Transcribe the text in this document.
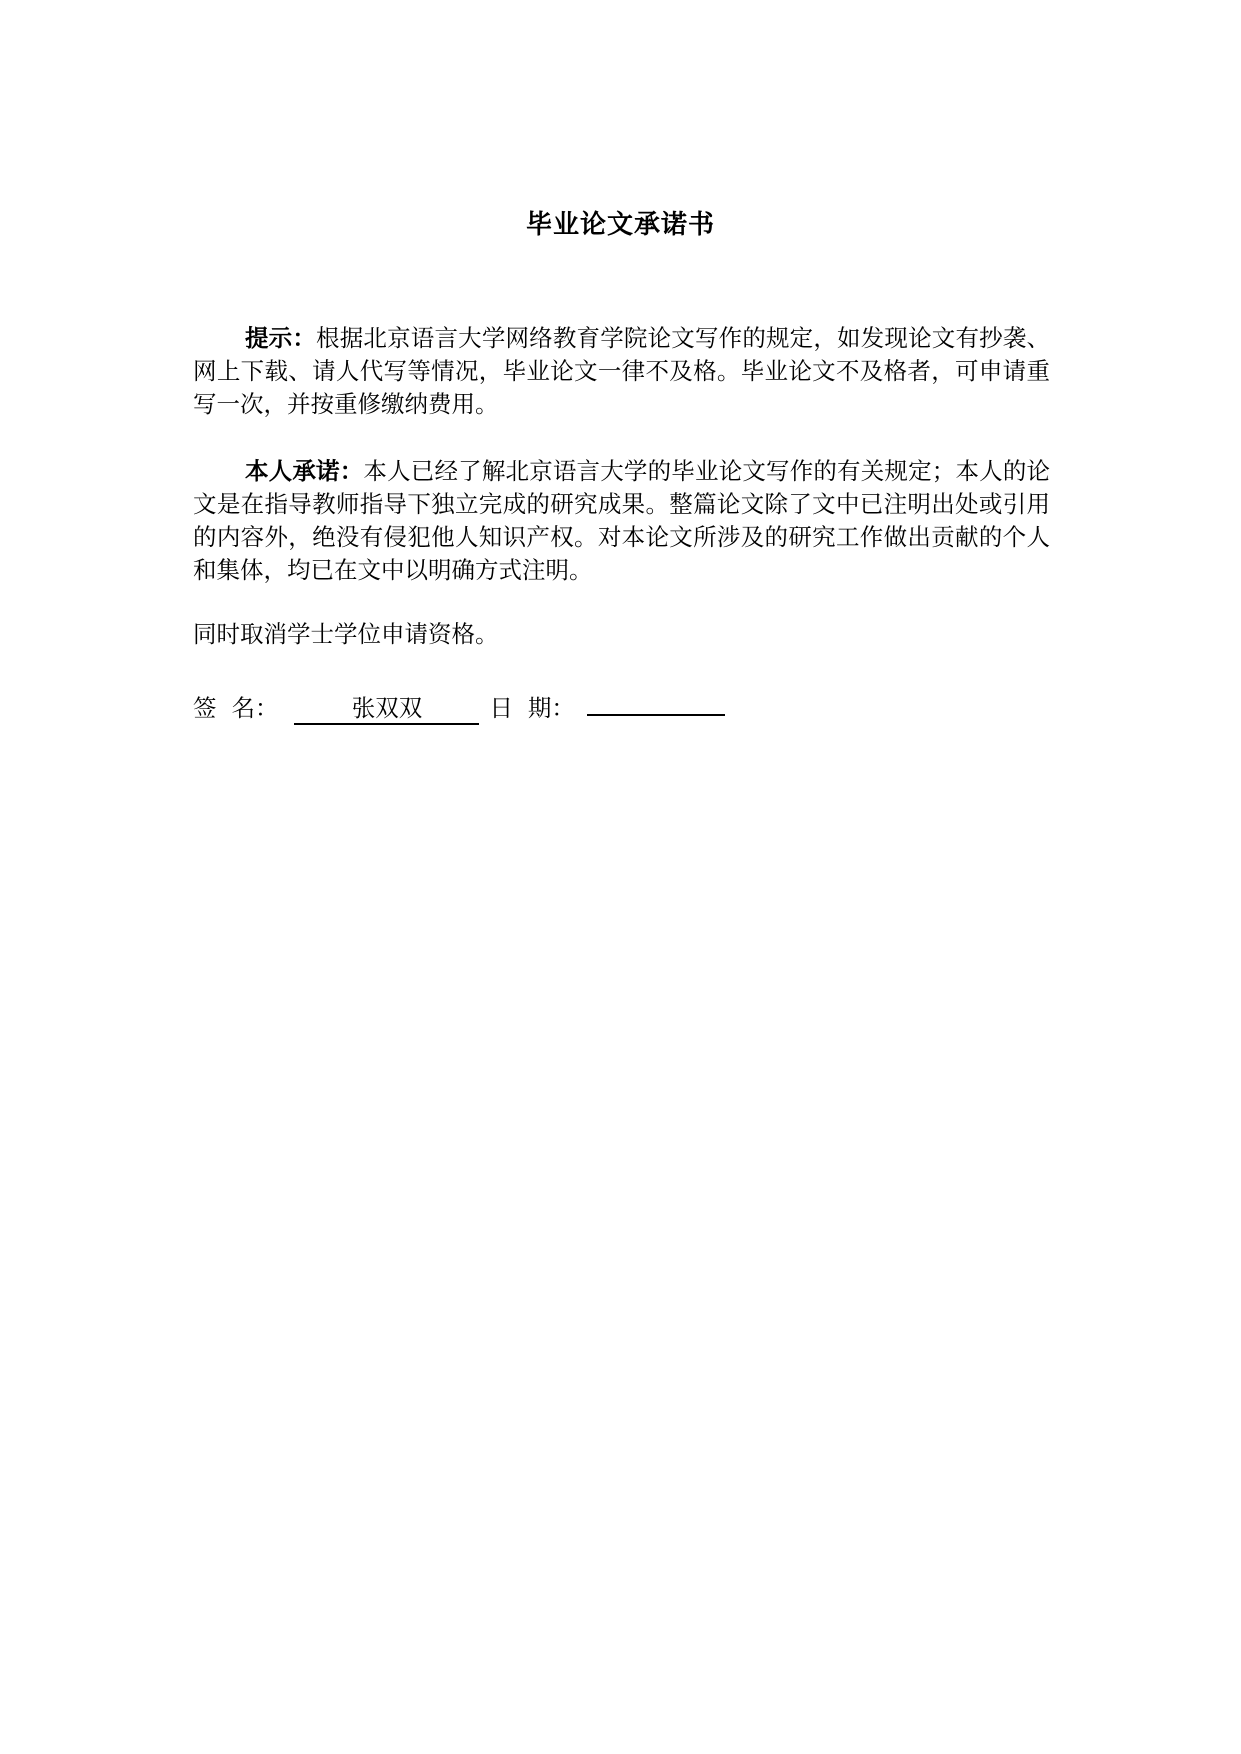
毕业论文承诺书
提示：根据北京语言大学网络教育学院论文写作的规定，如发现论文有抄袭、网上下载、请人代写等情况，毕业论文一律不及格。毕业论文不及格者，可申请重写一次，并按重修缴纳费用。
本人承诺：本人已经了解北京语言大学的毕业论文写作的有关规定；本人的论文是在指导教师指导下独立完成的研究成果。整篇论文除了文中已注明出处或引用的内容外，绝没有侵犯他人知识产权。对本论文所涉及的研究工作做出贡献的个人和集体，均已在文中以明确方式注明。
同时取消学士学位申请资格。
签  名：	张双双	日  期：
